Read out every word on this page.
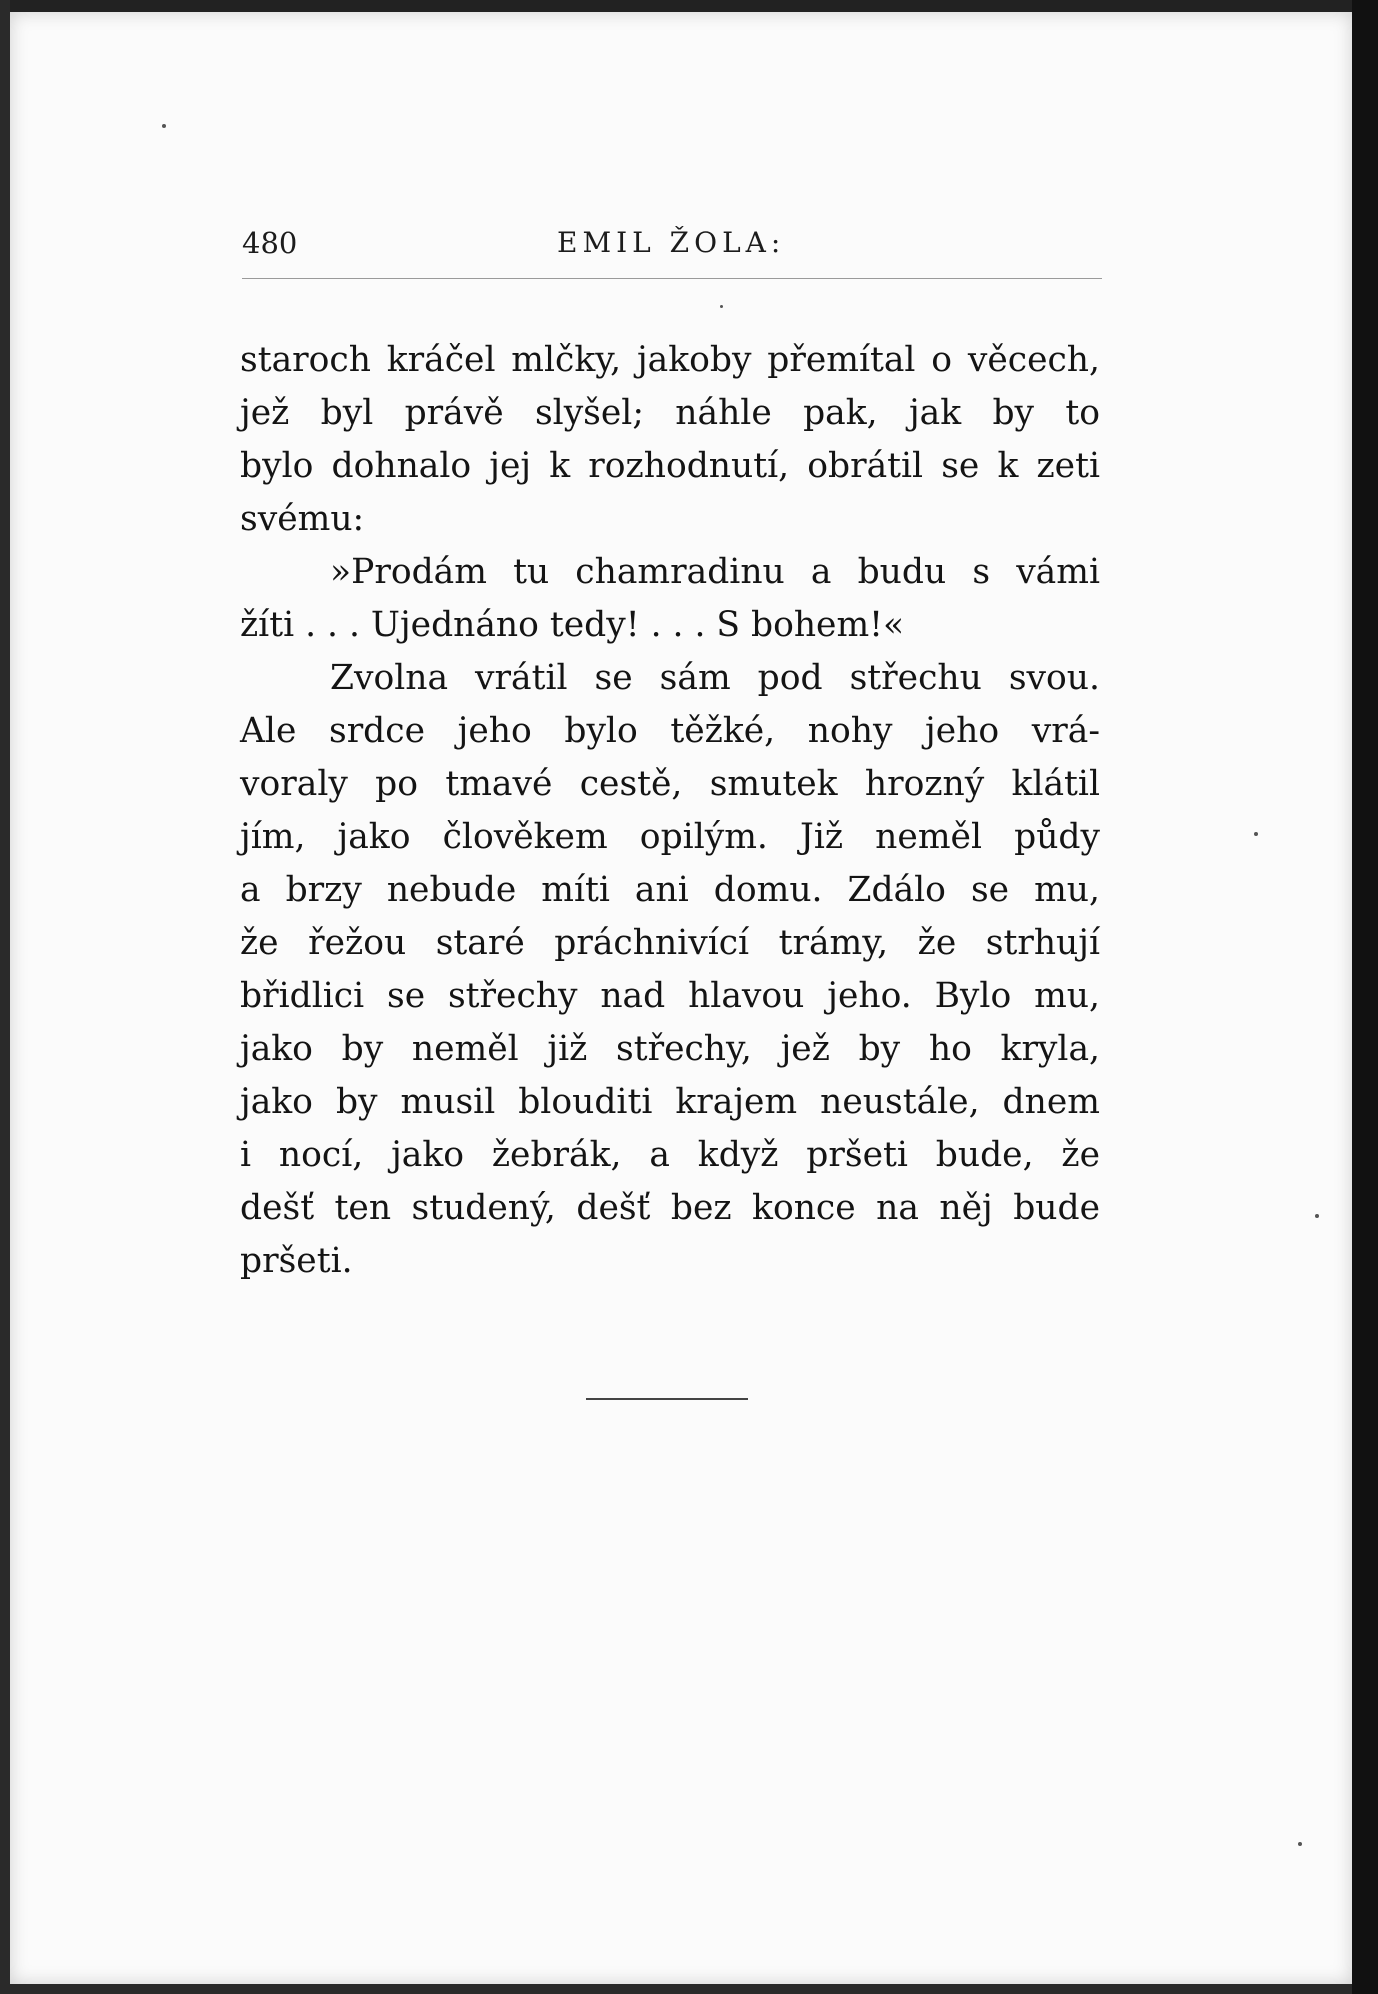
480	EMIL ŽOLA:
staroch kráčel mlčky, jakoby přemítal o věcech,
jež byl právě slyšel; náhle pak, jak by to
bylo dohnalo jej k rozhodnutí, obrátil se k zeti
svému:
»Prodám tu chamradinu a budu s vámi
žíti . . . Ujednáno tedy! . . . S bohem!«
Zvolna vrátil se sám pod střechu svou.
Ale srdce jeho bylo těžké, nohy jeho vrá-
voraly po tmavé cestě, smutek hrozný klátil
jím, jako člověkem opilým. Již neměl půdy
a brzy nebude míti ani domu. Zdálo se mu,
že řežou staré práchnivící trámy, že strhují
břidlici se střechy nad hlavou jeho. Bylo mu,
jako by neměl již střechy, jež by ho kryla,
jako by musil blouditi krajem neustále, dnem
i nocí, jako žebrák, a když pršeti bude, že
dešť ten studený, dešť bez konce na něj bude
pršeti.
